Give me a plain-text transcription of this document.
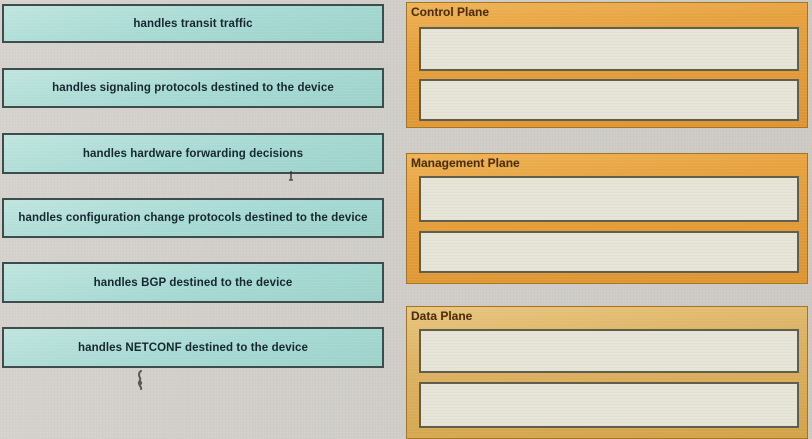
handles transit traffic
handles signaling protocols destined to the device
handles hardware forwarding decisions
handles configuration change protocols destined to the device
handles BGP destined to the device
handles NETCONF destined to the device
Control Plane
Management Plane
Data Plane
